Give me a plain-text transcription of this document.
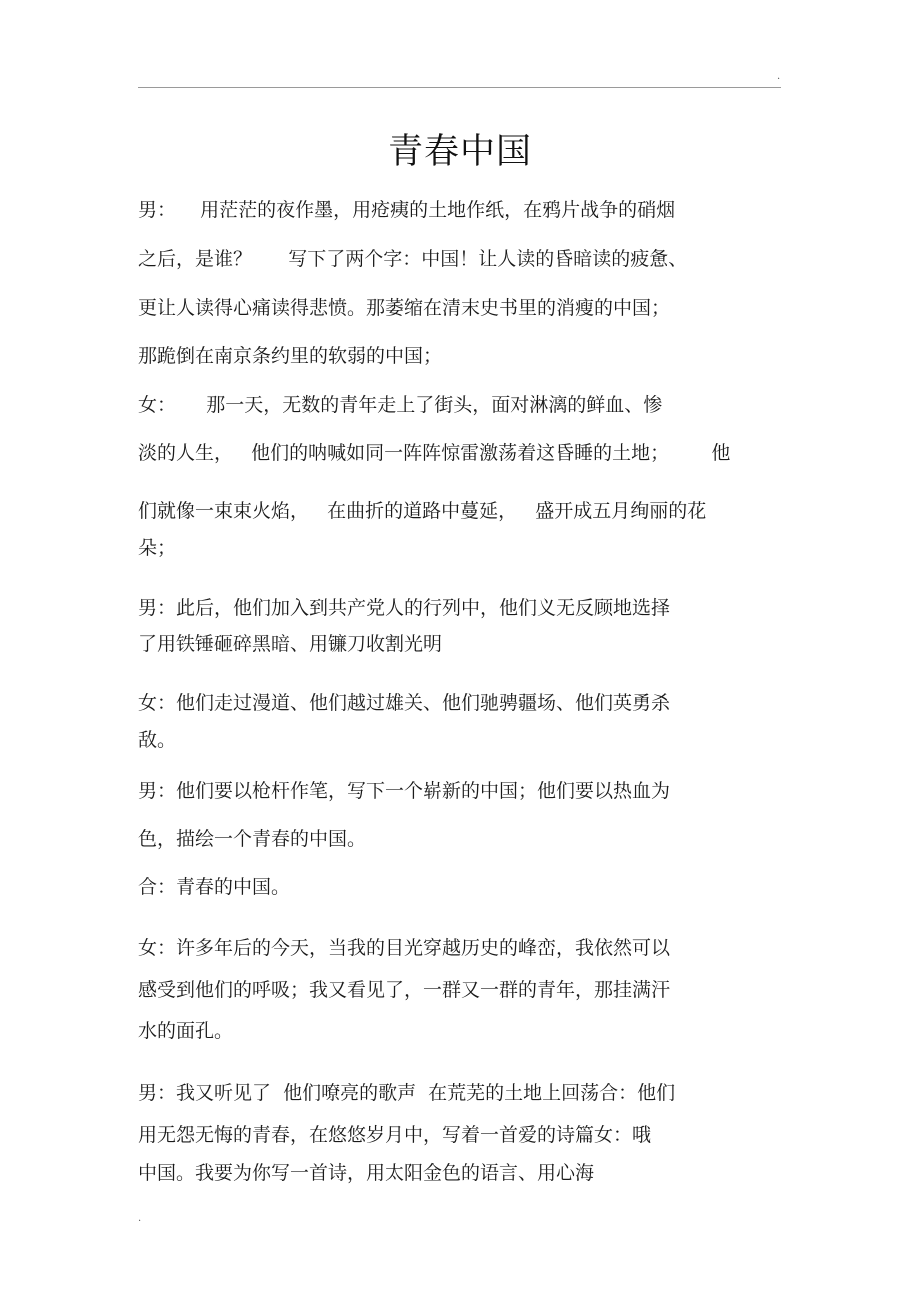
.
青春中国
男：    用茫茫的夜作墨，用疮痍的土地作纸，在鸦片战争的硝烟
之后，是谁？      写下了两个字：中国！让人读的昏暗读的疲惫、
更让人读得心痛读得悲愤。那萎缩在清末史书里的消瘦的中国；
那跪倒在南京条约里的软弱的中国；
女：     那一天，无数的青年走上了街头，面对淋漓的鲜血、惨
淡的人生，   他们的呐喊如同一阵阵惊雷激荡着这昏睡的土地；       他
们就像一束束火焰，   在曲折的道路中蔓延，   盛开成五月绚丽的花
朵；
男：此后，他们加入到共产党人的行列中，他们义无反顾地选择
了用铁锤砸碎黑暗、用镰刀收割光明
女：他们走过漫道、他们越过雄关、他们驰骋疆场、他们英勇杀
敌。
男：他们要以枪杆作笔，写下一个崭新的中国；他们要以热血为
色，描绘一个青春的中国。
合：青春的中国。
女：许多年后的今天，当我的目光穿越历史的峰峦，我依然可以
感受到他们的呼吸；我又看见了，一群又一群的青年，那挂满汗
水的面孔。
男：我又听见了  他们嘹亮的歌声  在荒芜的土地上回荡合：他们
用无怨无悔的青春，在悠悠岁月中，写着一首爱的诗篇女：哦
中国。我要为你写一首诗，用太阳金色的语言、用心海
.
